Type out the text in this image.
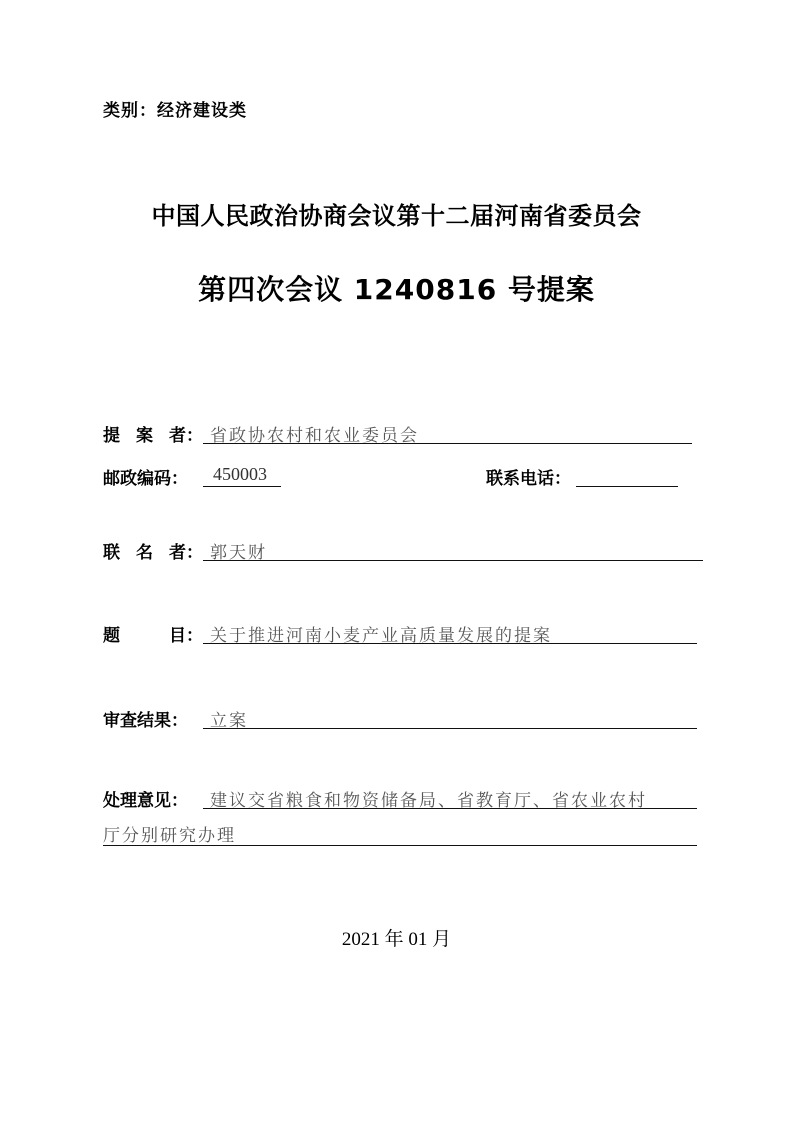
类别：经济建设类
中国人民政治协商会议第十二届河南省委员会
第四次会议 1240816 号提案
提 案 者： 省政协农村和农业委员会
邮政编码： 450003	联系电话：
联 名 者： 郭天财
题	目： 关于推进河南小麦产业高质量发展的提案
审查结果： 立案
处理意见： 建议交省粮食和物资储备局、省教育厅、省农业农村
厅分别研究办理
2021 年 01 月
